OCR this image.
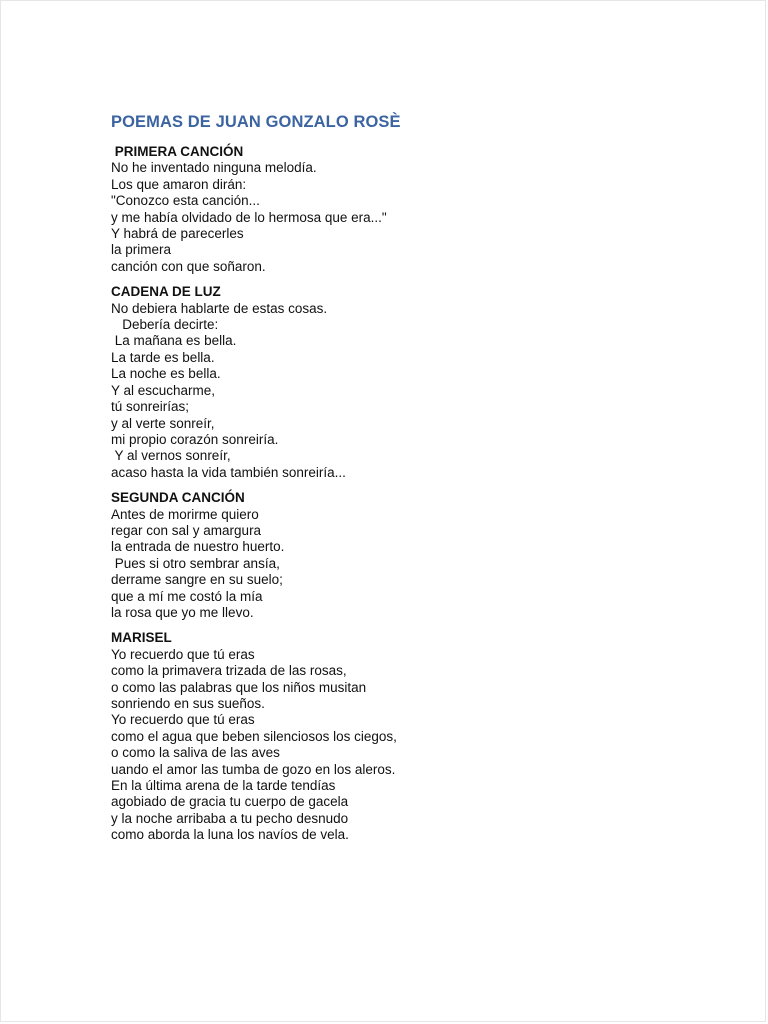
POEMAS DE JUAN GONZALO ROSÈ
PRIMERA CANCIÓN
No he inventado ninguna melodía.
Los que amaron dirán:
"Conozco esta canción...
y me había olvidado de lo hermosa que era..."
Y habrá de parecerles
la primera
canción con que soñaron.
CADENA DE LUZ
No debiera hablarte de estas cosas.
Debería decirte:
La mañana es bella.
La tarde es bella.
La noche es bella.
Y al escucharme,
tú sonreirías;
y al verte sonreír,
mi propio corazón sonreiría.
Y al vernos sonreír,
acaso hasta la vida también sonreiría...
SEGUNDA CANCIÓN
Antes de morirme quiero
regar con sal y amargura
la entrada de nuestro huerto.
Pues si otro sembrar ansía,
derrame sangre en su suelo;
que a mí me costó la mía
la rosa que yo me llevo.
MARISEL
Yo recuerdo que tú eras
como la primavera trizada de las rosas,
o como las palabras que los niños musitan
sonriendo en sus sueños.
Yo recuerdo que tú eras
como el agua que beben silenciosos los ciegos,
o como la saliva de las aves
uando el amor las tumba de gozo en los aleros.
En la última arena de la tarde tendías
agobiado de gracia tu cuerpo de gacela
y la noche arribaba a tu pecho desnudo
como aborda la luna los navíos de vela.
